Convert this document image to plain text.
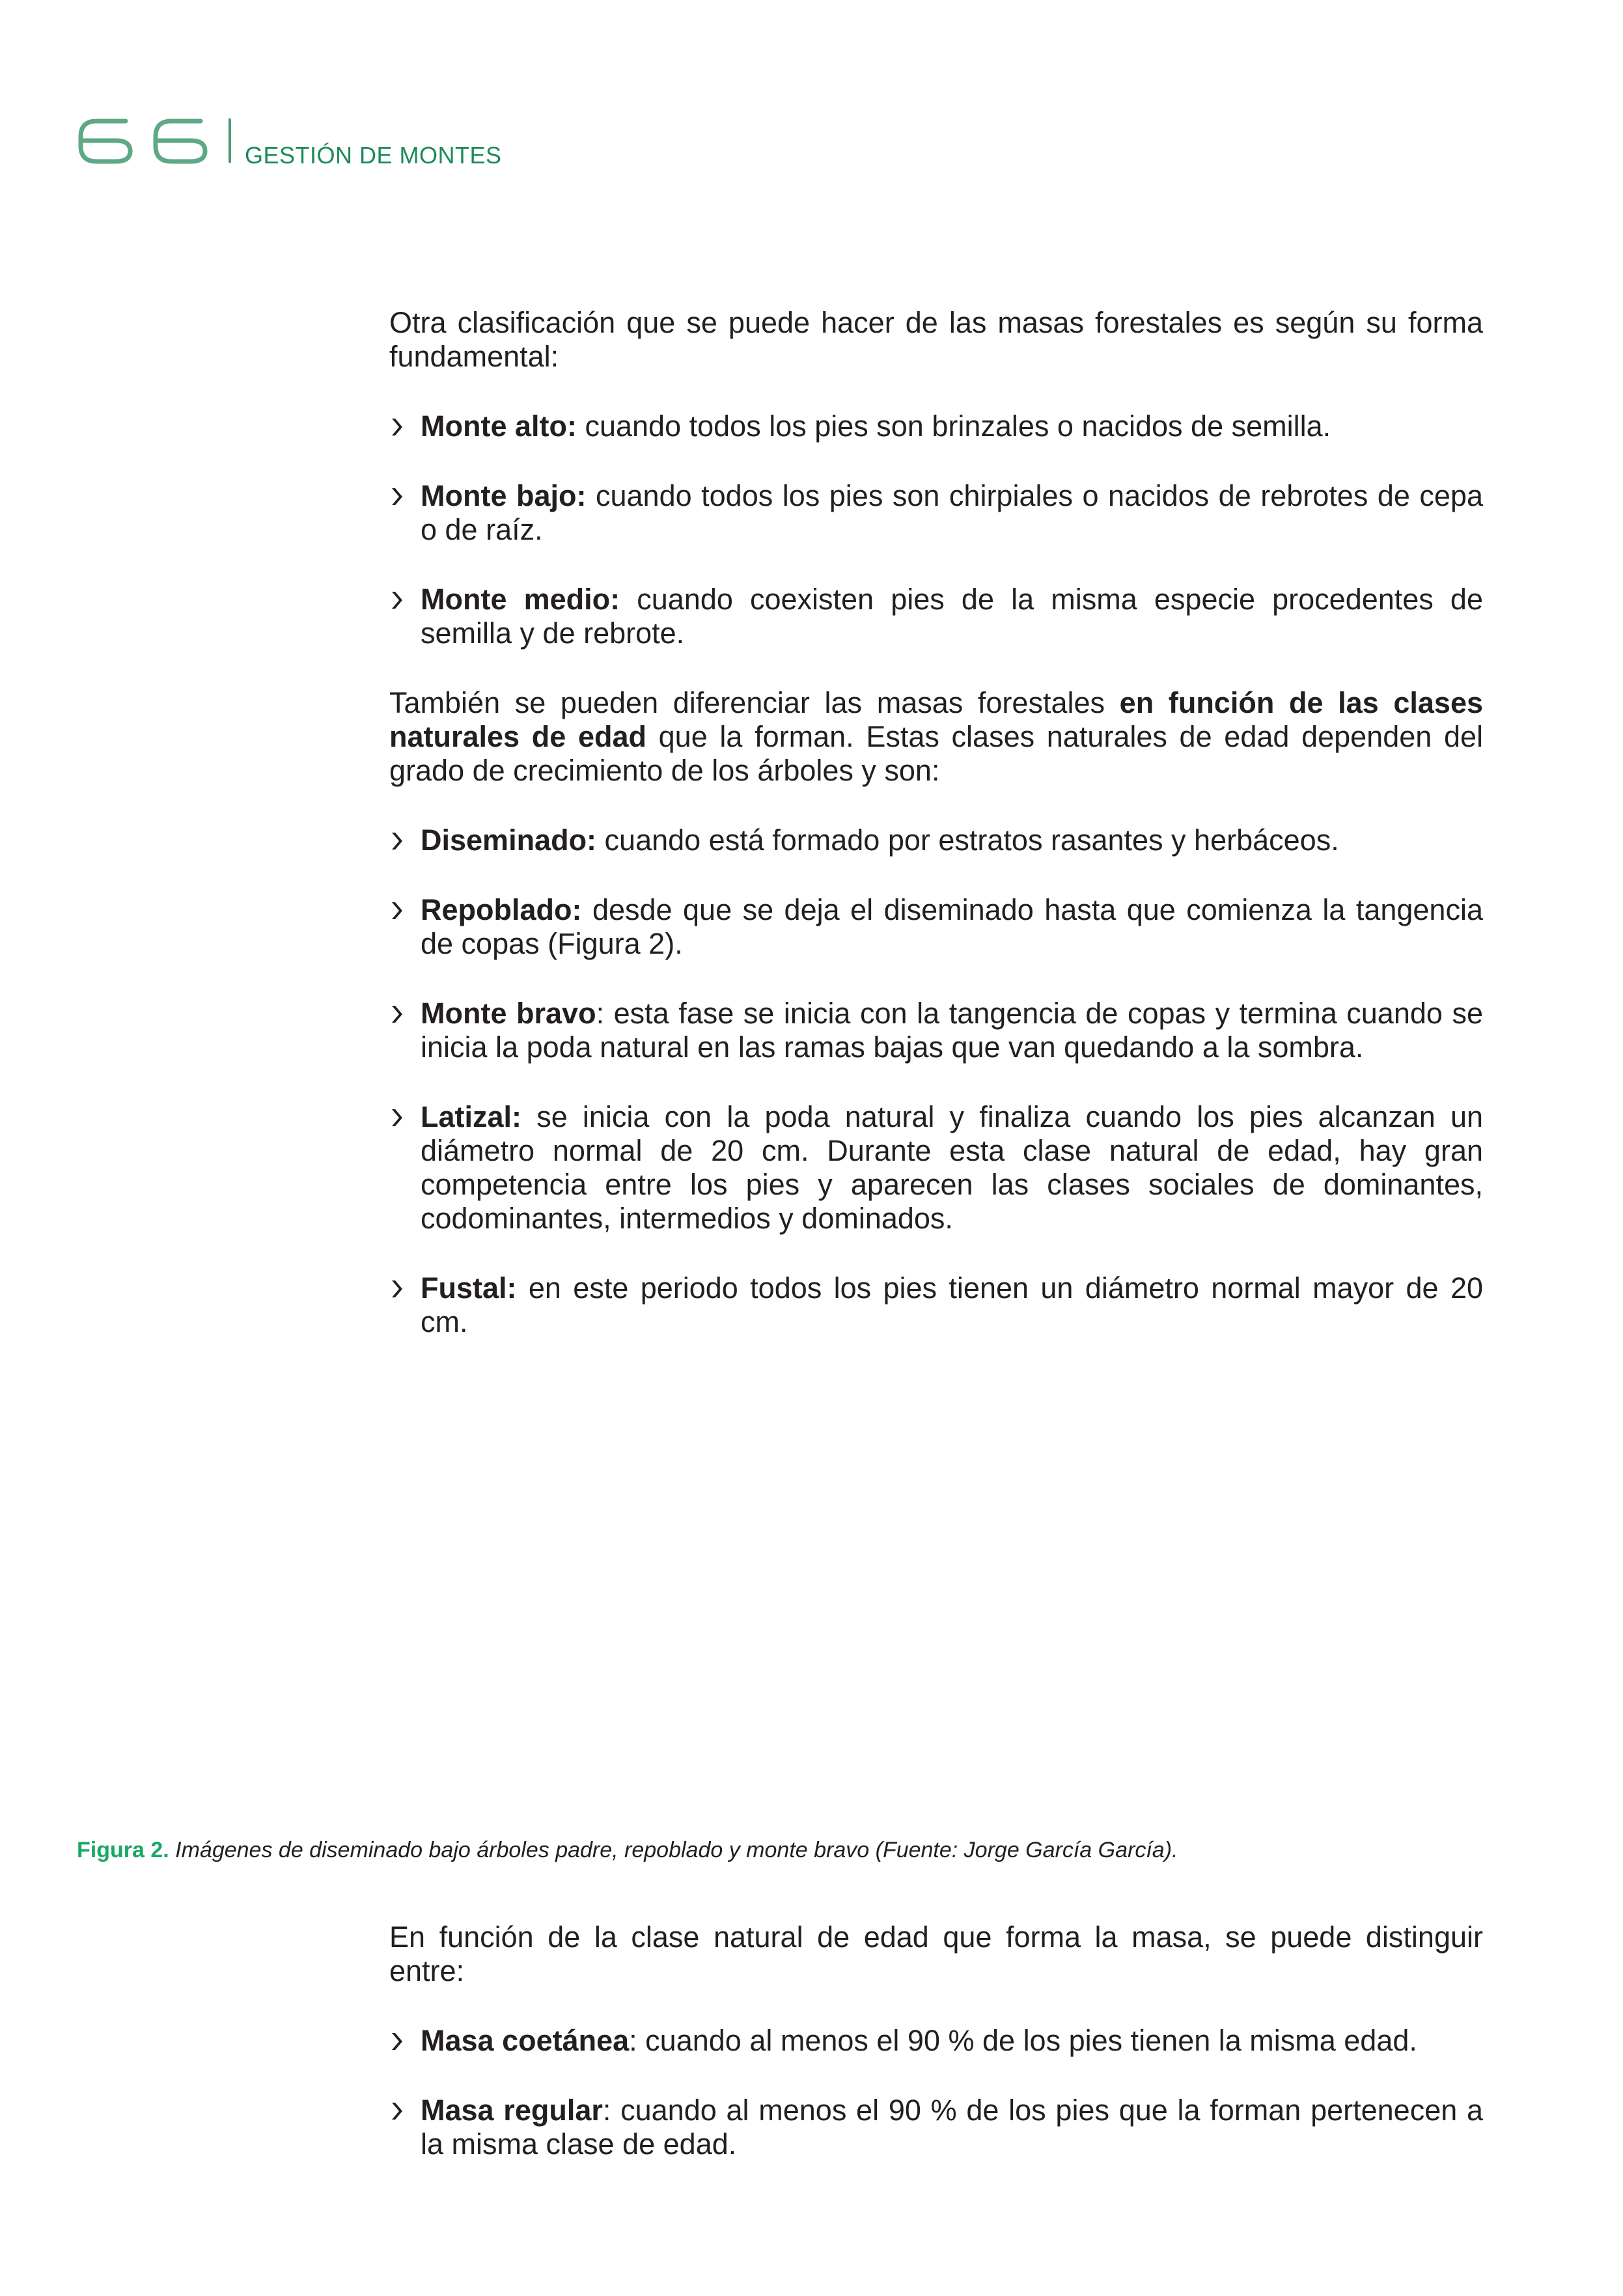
66
GESTIÓN DE MONTES

Otra clasificación que se puede hacer de las masas forestales es según su forma fundamental:

Monte alto: cuando todos los pies son brinzales o nacidos de semilla.
Monte bajo: cuando todos los pies son chirpiales o nacidos de rebrotes de cepa o de raíz.
Monte medio: cuando coexisten pies de la misma especie procedentes de semilla y de rebrote.

También se pueden diferenciar las masas forestales en función de las clases naturales de edad que la forman. Estas clases naturales de edad dependen del grado de crecimiento de los árboles y son:

Diseminado: cuando está formado por estratos rasantes y herbáceos.
Repoblado: desde que se deja el diseminado hasta que comienza la tangencia de copas (Figura 2).
Monte bravo: esta fase se inicia con la tangencia de copas y termina cuando se inicia la poda natural en las ramas bajas que van quedando a la sombra.
Latizal: se inicia con la poda natural y finaliza cuando los pies alcanzan un diámetro normal de 20 cm. Durante esta clase natural de edad, hay gran competencia entre los pies y aparecen las clases sociales de dominantes, codominantes, intermedios y dominados.
Fustal: en este periodo todos los pies tienen un diámetro normal mayor de 20 cm.
Figura 2. Imágenes de diseminado bajo árboles padre, repoblado y monte bravo (Fuente: Jorge García García).

En función de la clase natural de edad que forma la masa, se puede distinguir entre:

Masa coetánea: cuando al menos el 90 % de los pies tienen la misma edad.
Masa regular: cuando al menos el 90 % de los pies que la forman pertenecen a la misma clase de edad.
